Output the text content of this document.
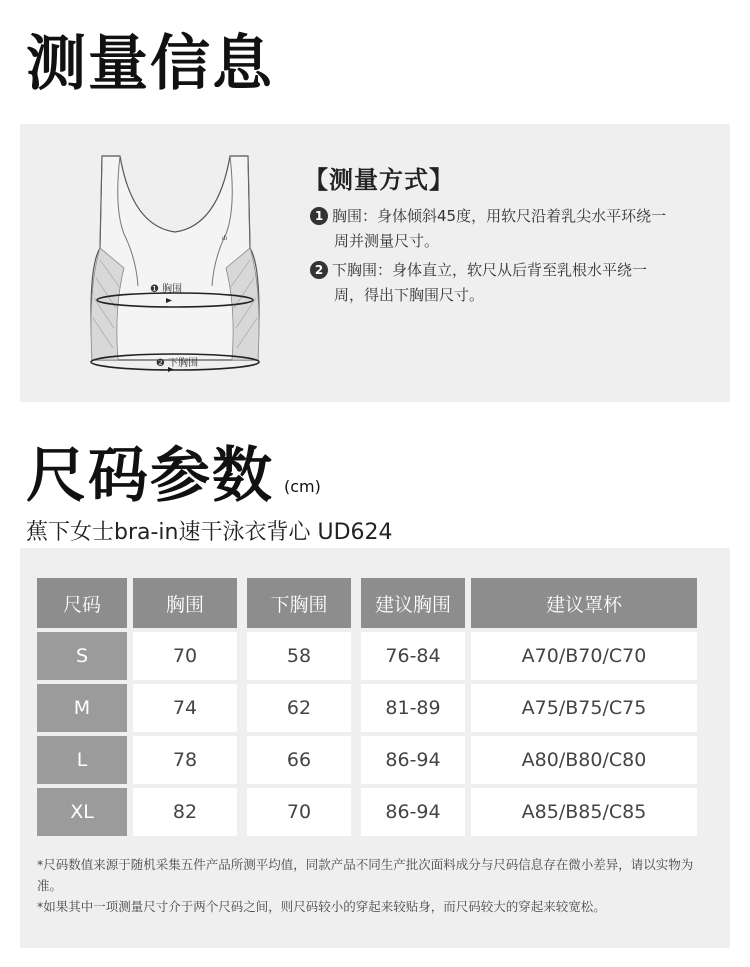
测量信息
ılı
❶ 胸围
❷ 下胸围
【测量方式】
1 胸围：身体倾斜45度，用软尺沿着乳尖水平环绕一
周并测量尺寸。
2 下胸围：身体直立，软尺从后背至乳根水平绕一
周，得出下胸围尺寸。
尺码参数 (cm)
蕉下女士bra-in速干泳衣背心 UD624
尺码	胸围	下胸围	建议胸围	建议罩杯
S	70	58	76-84	A70/B70/C70
M	74	62	81-89	A75/B75/C75
L	78	66	86-94	A80/B80/C80
XL	82	70	86-94	A85/B85/C85
*尺码数值来源于随机采集五件产品所测平均值，同款产品不同生产批次面料成分与尺码信息存在微小差异，请以实物为准。
*如果其中一项测量尺寸介于两个尺码之间，则尺码较小的穿起来较贴身，而尺码较大的穿起来较宽松。
